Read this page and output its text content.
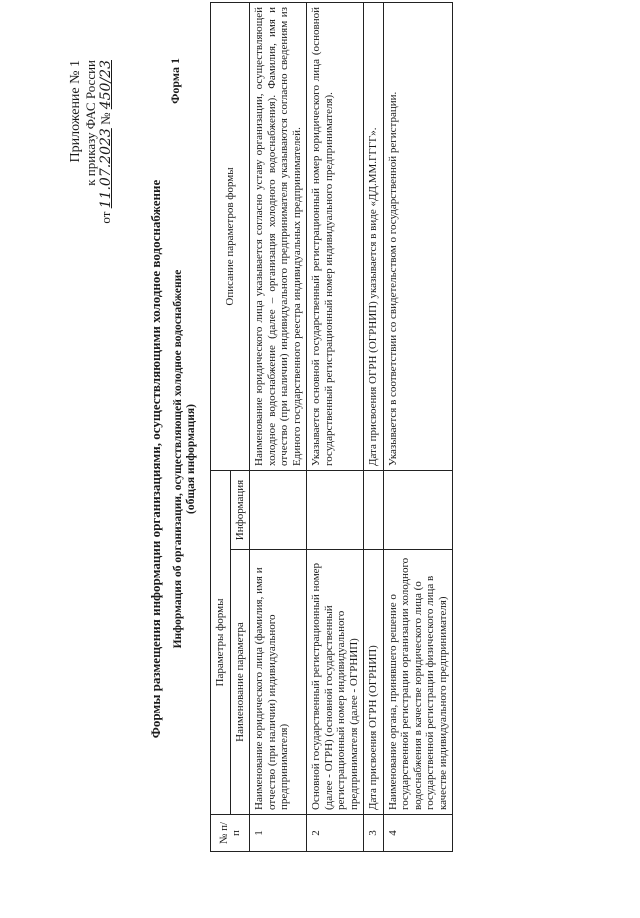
Приложение № 1 к приказу ФАС России
от 11.07.2023 № 450/23
Формы размещения информации организациями, осуществляющими холодное водоснабжение
Форма 1
Информация об организации, осуществляющей холодное водоснабжение (общая информация)
№ п/п	Параметры формы		Описание параметров формы
	Наименование параметра	Информация	
1	Наименование юридического лица (фамилия, имя и отчество (при наличии) индивидуального предпринимателя)		Наименование юридического лица указывается согласно уставу организации, осуществляющей холодное водоснабжение (далее – организация холодного водоснабжения). Фамилия, имя и отчество (при наличии) индивидуального предпринимателя указываются согласно сведениям из Единого государственного реестра индивидуальных предпринимателей.
2	Основной государственный регистрационный номер (далее - ОГРН) (основной государственный регистрационный номер индивидуального предпринимателя (далее - ОГРНИП)		Указывается основной государственный регистрационный номер юридического лица (основной государственный регистрационный номер индивидуального предпринимателя).
3	Дата присвоения ОГРН (ОГРНИП)		Дата присвоения ОГРН (ОГРНИП) указывается в виде «ДД.ММ.ГГГГ».
4	Наименование органа, принявшего решение о государственной регистрации организации холодного водоснабжения в качестве юридического лица (о государственной регистрации физического лица в качестве индивидуального предпринимателя)		Указывается в соответствии со свидетельством о государственной регистрации.
